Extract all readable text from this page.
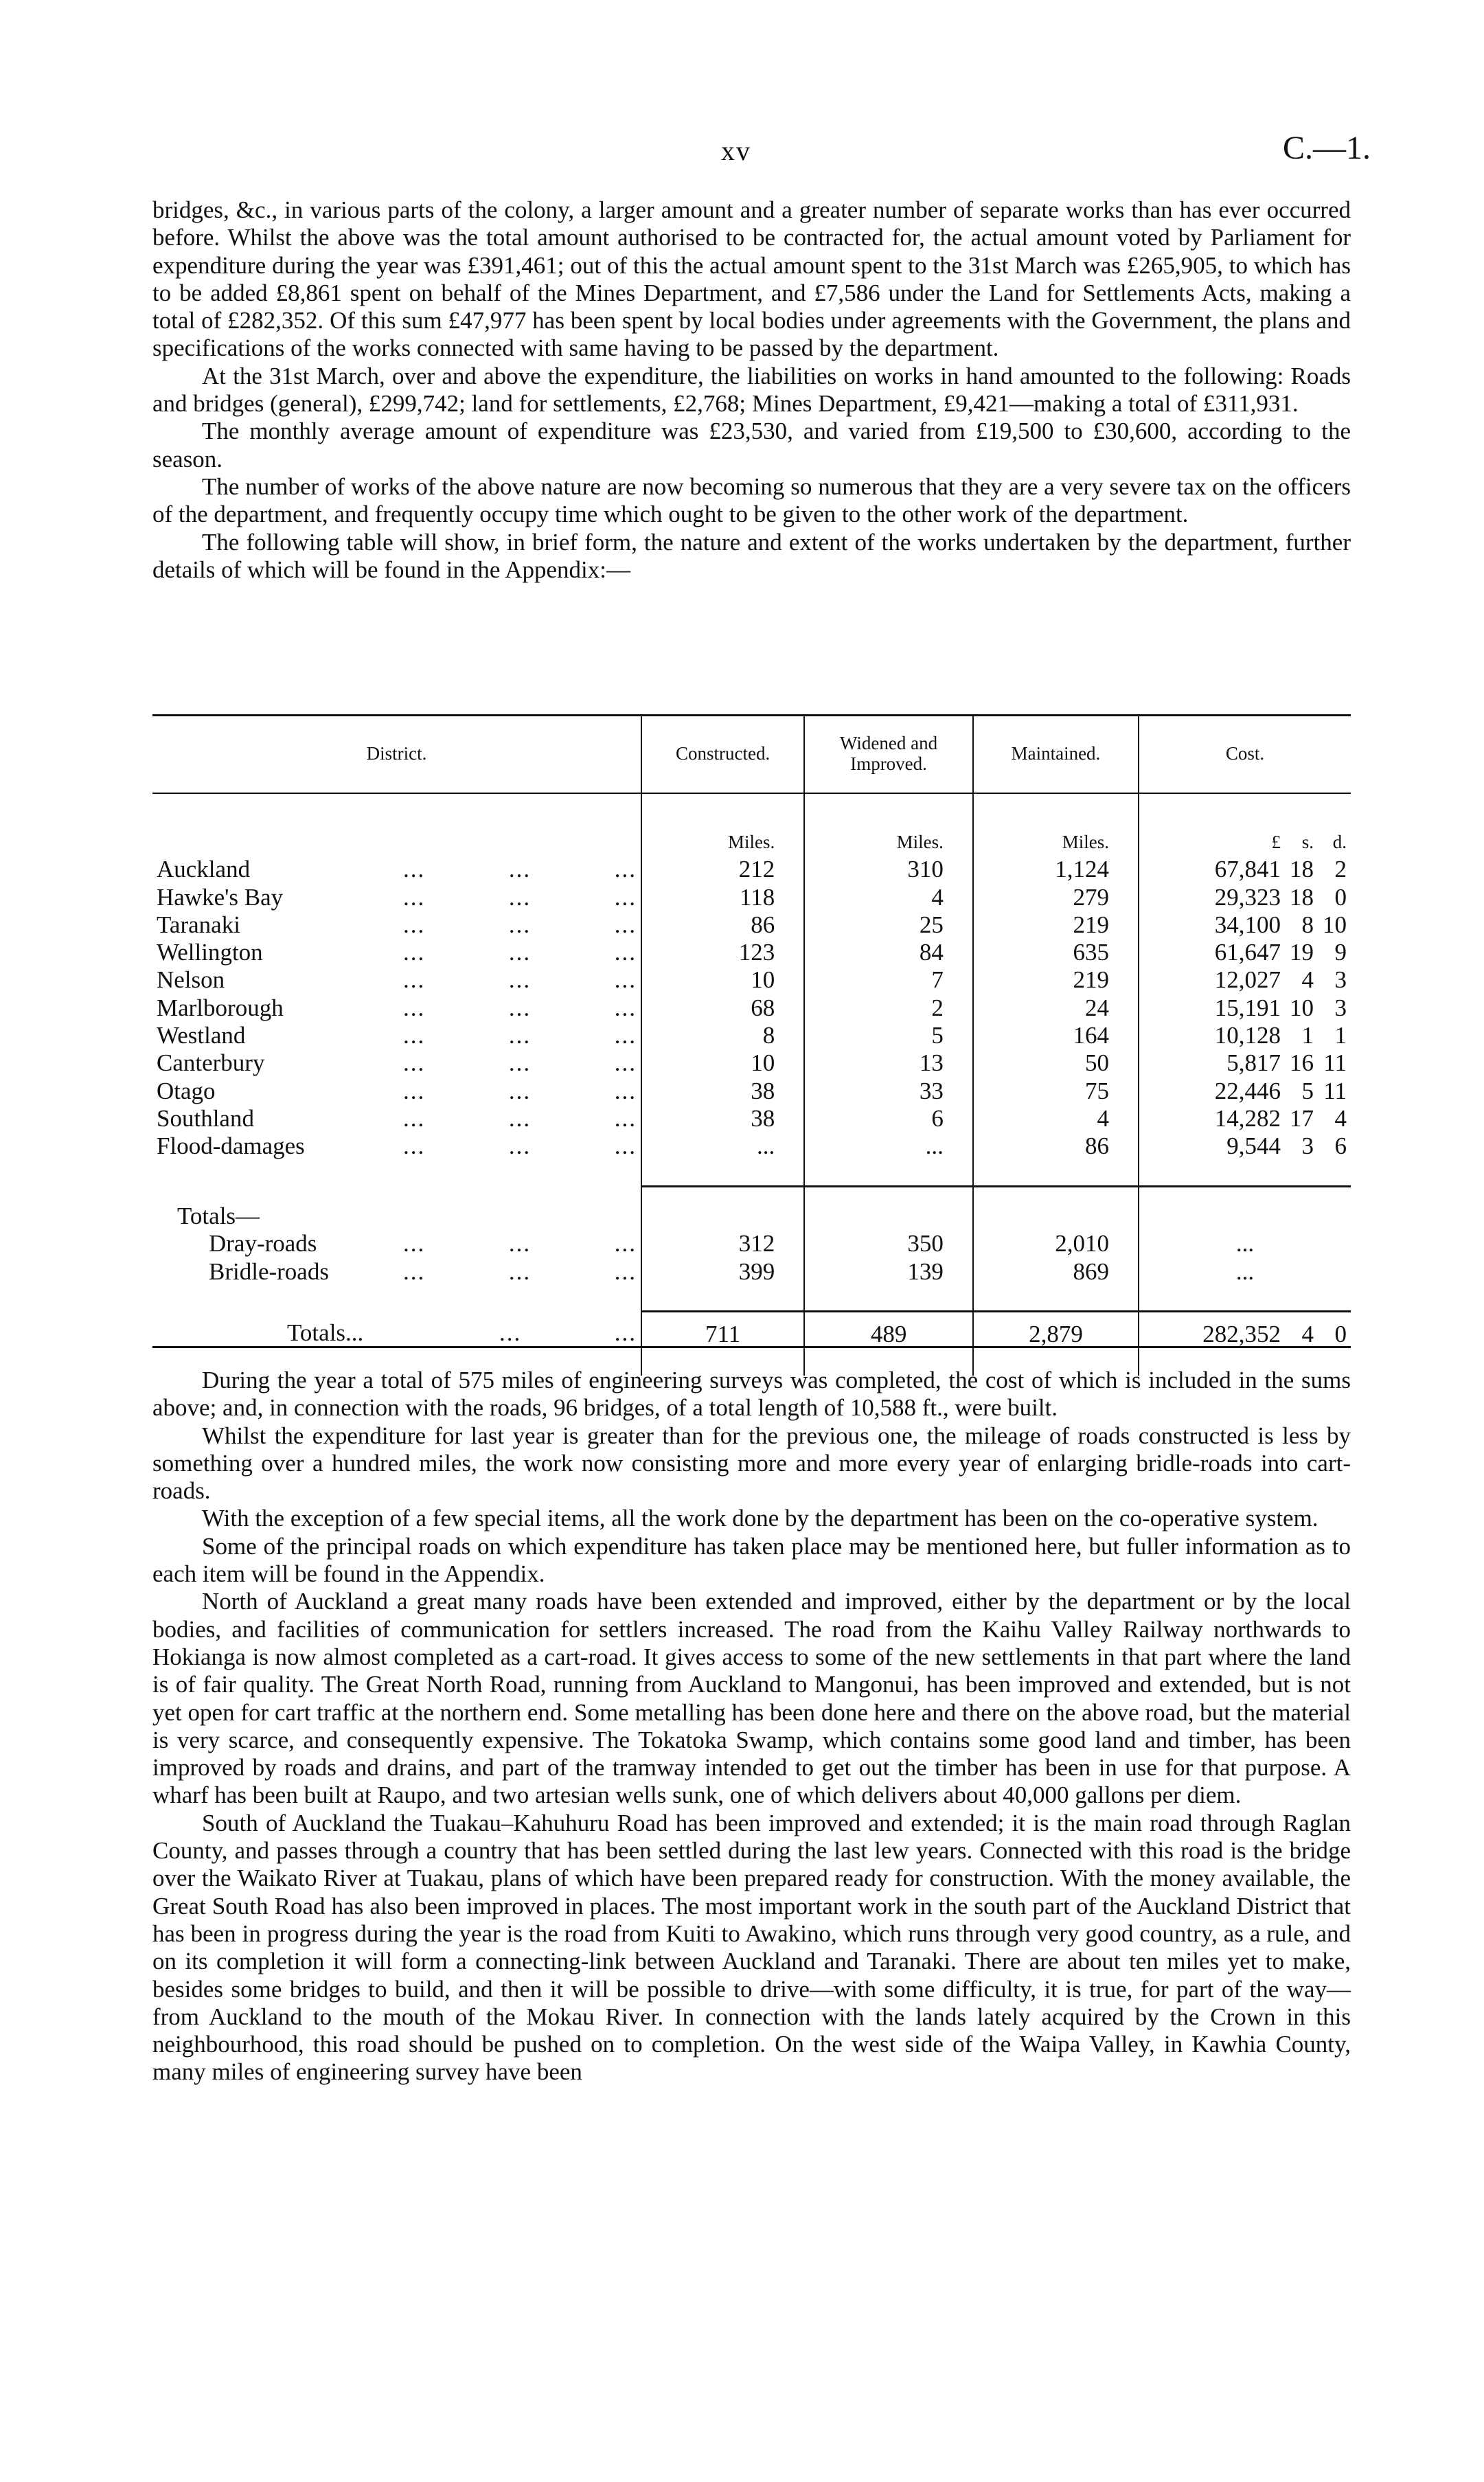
xv	C.—1.

bridges, &c., in various parts of the colony, a larger amount and a greater number of separate works than has ever occurred before. Whilst the above was the total amount authorised to be contracted for, the actual amount voted by Parliament for expenditure during the year was £391,461; out of this the actual amount spent to the 31st March was £265,905, to which has to be added £8,861 spent on behalf of the Mines Department, and £7,586 under the Land for Settlements Acts, making a total of £282,352. Of this sum £47,977 has been spent by local bodies under agreements with the Government, the plans and specifications of the works connected with same having to be passed by the department.

At the 31st March, over and above the expenditure, the liabilities on works in hand amounted to the following: Roads and bridges (general), £299,742; land for settlements, £2,768; Mines Department, £9,421—making a total of £311,931.

The monthly average amount of expenditure was £23,530, and varied from £19,500 to £30,600, according to the season.

The number of works of the above nature are now becoming so numerous that they are a very severe tax on the officers of the department, and frequently occupy time which ought to be given to the other work of the department.

The following table will show, in brief form, the nature and extent of the works undertaken by the department, further details of which will be found in the Appendix:—

District.	Constructed.	Widened and Improved.	Maintained.	Cost.
	Miles.	Miles.	Miles.	£ s. d.

Auckland ... ... ...	212	310	1,124	67,841 18 2

Hawke's Bay ... ... ...	118	4	279	29,323 18 0

Taranaki ... ... ...	86	25	219	34,100 8 10

Wellington ... ... ...	123	84	635	61,647 19 9

Nelson ... ... ...	10	7	219	12,027 4 3

Marlborough ... ... ...	68	2	24	15,191 10 3

Westland ... ... ...	8	5	164	10,128 1 1

Canterbury ... ... ...	10	13	50	5,817 16 11

Otago ... ... ...	38	33	75	22,446 5 11

Southland ... ... ...	38	6	4	14,282 17 4

Flood-damages ... ... ...	...	...	86	9,544 3 6

Totals—				

Dray-roads ... ... ...	312	350	2,010	...

Bridle-roads ... ... ...	399	139	869	...

Totals... ... ...	711	489	2,879	282,352 4 0

During the year a total of 575 miles of engineering surveys was completed, the cost of which is included in the sums above; and, in connection with the roads, 96 bridges, of a total length of 10,588 ft., were built.

Whilst the expenditure for last year is greater than for the previous one, the mileage of roads constructed is less by something over a hundred miles, the work now consisting more and more every year of enlarging bridle-roads into cart-roads.

With the exception of a few special items, all the work done by the department has been on the co-operative system.

Some of the principal roads on which expenditure has taken place may be mentioned here, but fuller information as to each item will be found in the Appendix.

North of Auckland a great many roads have been extended and improved, either by the department or by the local bodies, and facilities of communication for settlers increased. The road from the Kaihu Valley Railway northwards to Hokianga is now almost completed as a cart-road. It gives access to some of the new settlements in that part where the land is of fair quality. The Great North Road, running from Auckland to Mangonui, has been improved and extended, but is not yet open for cart traffic at the northern end. Some metalling has been done here and there on the above road, but the material is very scarce, and consequently expensive. The Tokatoka Swamp, which contains some good land and timber, has been improved by roads and drains, and part of the tramway intended to get out the timber has been in use for that purpose. A wharf has been built at Raupo, and two artesian wells sunk, one of which delivers about 40,000 gallons per diem.

South of Auckland the Tuakau–Kahuhuru Road has been improved and extended; it is the main road through Raglan County, and passes through a country that has been settled during the last lew years. Connected with this road is the bridge over the Waikato River at Tuakau, plans of which have been prepared ready for construction. With the money available, the Great South Road has also been improved in places. The most important work in the south part of the Auckland District that has been in progress during the year is the road from Kuiti to Awakino, which runs through very good country, as a rule, and on its completion it will form a connecting-link between Auckland and Taranaki. There are about ten miles yet to make, besides some bridges to build, and then it will be possible to drive—with some difficulty, it is true, for part of the way—from Auckland to the mouth of the Mokau River. In connection with the lands lately acquired by the Crown in this neighbourhood, this road should be pushed on to completion. On the west side of the Waipa Valley, in Kawhia County, many miles of engineering survey have been
